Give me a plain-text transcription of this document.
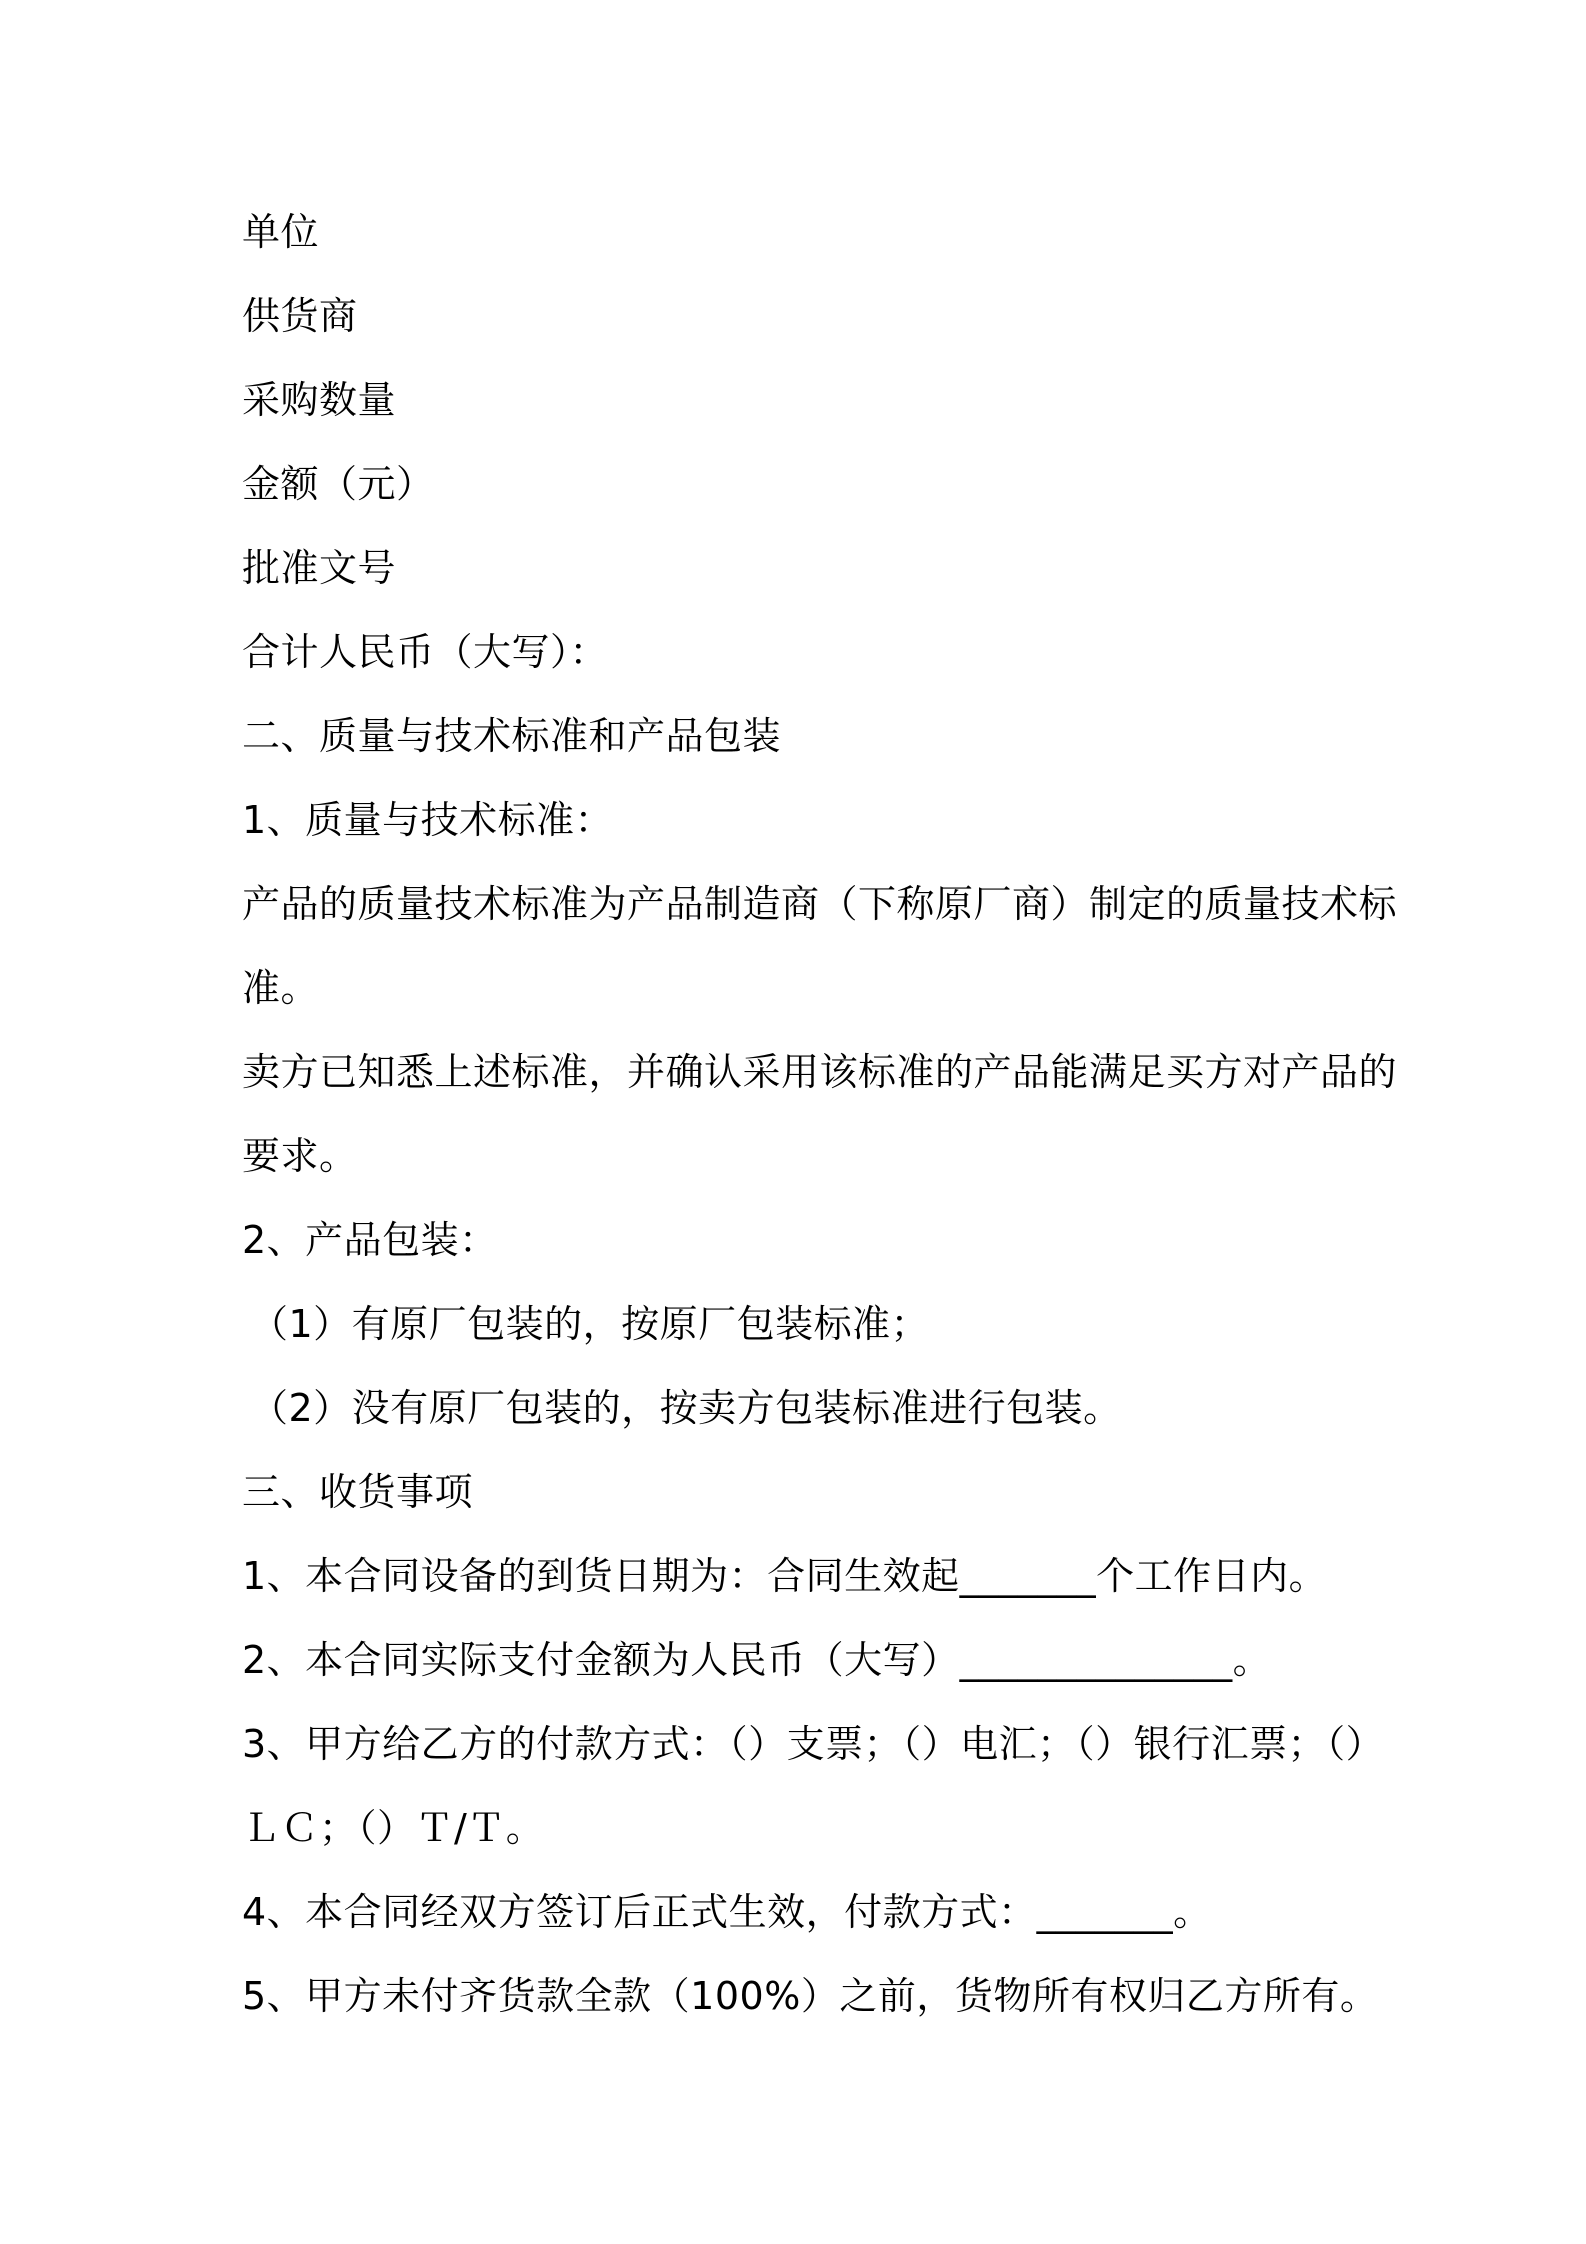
单位

供货商

采购数量

金额（元）

批准文号

合计人民币（大写）：

二、质量与技术标准和产品包装

1、质量与技术标准：

产品的质量技术标准为产品制造商（下称原厂商）制定的质量技术标

准。

卖方已知悉上述标准，并确认采用该标准的产品能满足买方对产品的

要求。

2、产品包装：

（1）有原厂包装的，按原厂包装标准；

（2）没有原厂包装的，按卖方包装标准进行包装。

三、收货事项

1、本合同设备的到货日期为：合同生效起_______个工作日内。

2、本合同实际支付金额为人民币（大写）______________。

3、甲方给乙方的付款方式：（）支票；（）电汇；（）银行汇票；（）

ＬＣ；（）Ｔ/Ｔ。

4、本合同经双方签订后正式生效，付款方式：_______。

5、甲方未付齐货款全款（100%）之前，货物所有权归乙方所有。
